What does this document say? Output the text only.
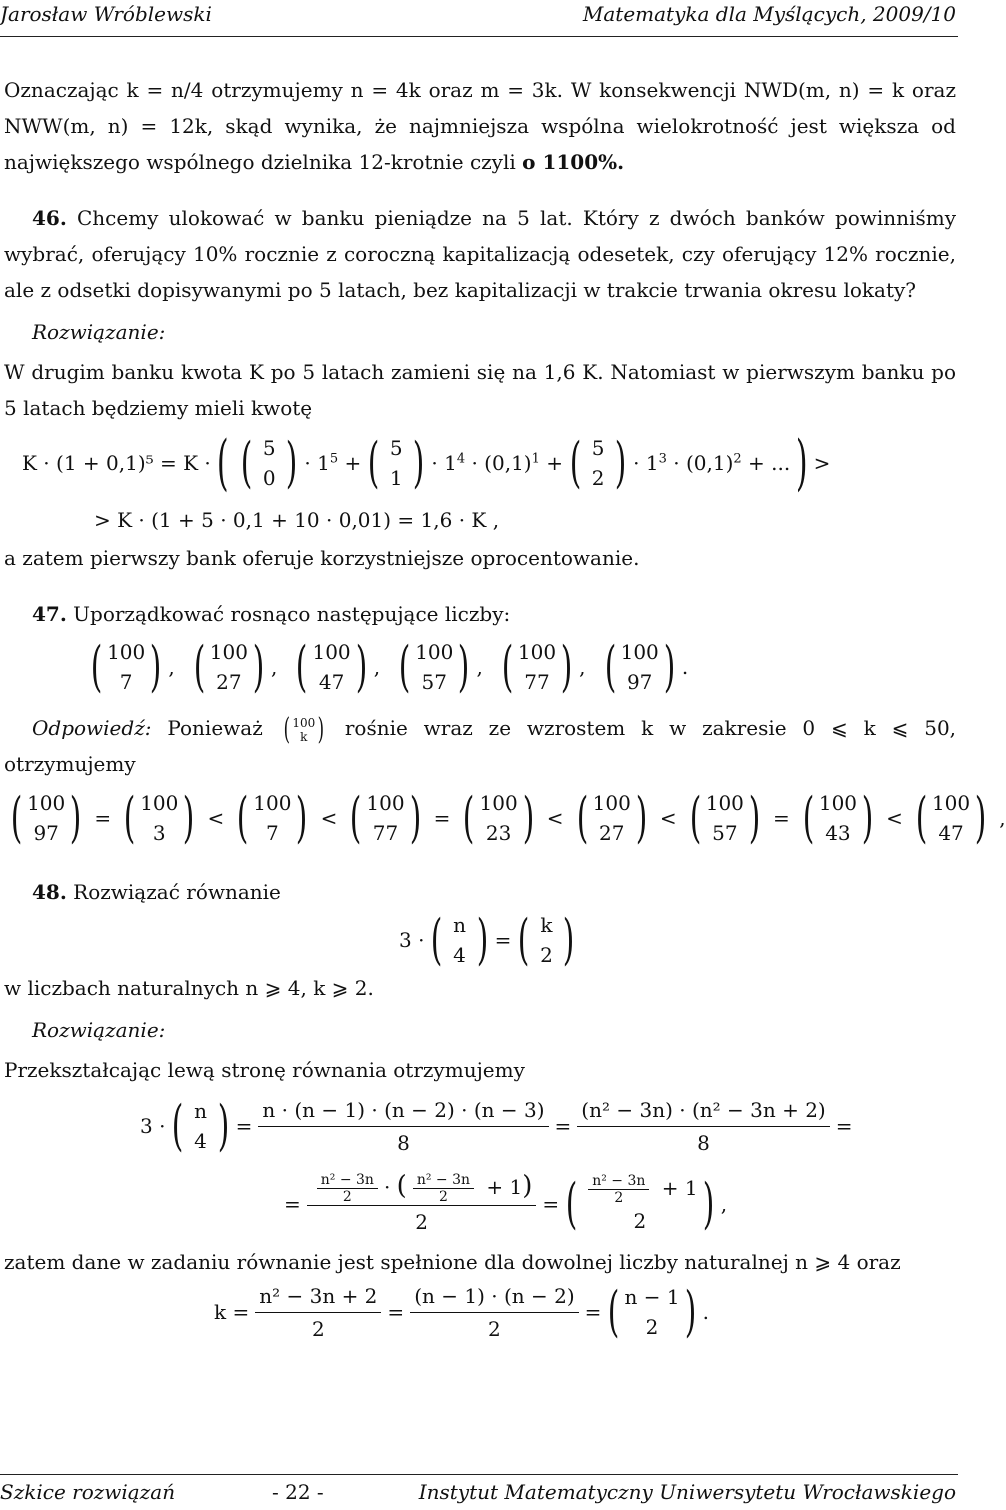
Jarosław Wróblewski	Matematyka dla Myślących, 2009/10

Oznaczając k = n/4 otrzymujemy n = 4k oraz m = 3k. W konsekwencji NWD(m, n) = k oraz NWW(m, n) = 12k, skąd wynika, że najmniejsza wspólna wielokrotność jest większa od największego wspólnego dzielnika 12-krotnie czyli o 1100%.

46. Chcemy ulokować w banku pieniądze na 5 lat. Który z dwóch banków powinniśmy wybrać, oferujący 10% rocznie z coroczną kapitalizacją odesetek, czy oferujący 12% rocznie, ale z odsetki dopisywanymi po 5 latach, bez kapitalizacji w trakcie trwania okresu lokaty?

Rozwiązanie:

W drugim banku kwota K po 5 latach zamieni się na 1,6 K. Natomiast w pierwszym banku po 5 latach będziemy mieli kwotę

K · (1 + 0,1)⁵ = K · ( ( 5
0 ) · $1^5$ + ( 5
1 ) · $1^4 \cdot (0,1)^1$ + ( 5
2 ) · $1^3 \cdot (0,1)^2$ + ... ) >
> K · (1 + 5 · 0,1 + 10 · 0,01) = 1,6 · K ,

a zatem pierwszy bank oferuje korzystniejsze oprocentowanie.

47. Uporządkować rosnąco następujące liczby:

( 100
7 ) , ( 100
27 ) , ( 100
47 ) , ( 100
57 ) , ( 100
77 ) , ( 100
97 ) .

Odpowiedź: Ponieważ ( 100
k ) rośnie wraz ze wzrostem k w zakresie 0 ⩽ k ⩽ 50, otrzymujemy

( 100
97 ) = ( 100
3 ) < ( 100
7 ) < ( 100
77 ) = ( 100
23 ) < ( 100
27 ) < ( 100
57 ) = ( 100
43 ) < ( 100
47 ) ,

48. Rozwiązać równanie

3 · ( n
4 ) = ( k
2 )

w liczbach naturalnych n ⩾ 4, k ⩾ 2.

Rozwiązanie:

Przekształcając lewą stronę równania otrzymujemy

3 · ( n
4 ) = $\frac{n \cdot (n - 1) \cdot (n - 2) \cdot (n - 3)}{8} = \frac{\text{(n² − 3n) · (n² − 3n + 2)}}{8}$ =
= $\frac{\frac{\text{n² − 3n}}{2} \cdot ( \frac{\text{n² − 3n}}{2} + 1)}{2}$ = ( $\frac{\text{n² − 3n}}{2} + 1$
2 ) ,

zatem dane w zadaniu równanie jest spełnione dla dowolnej liczby naturalnej n ⩾ 4 oraz

$k = \frac{\text{n² − 3n + 2}}{2} = \frac{(n - 1) \cdot (n - 2)}{2}$ = ( n − 1
2 ) .
Szkice rozwiązań	- 22 -	Instytut Matematyczny Uniwersytetu Wrocławskiego
